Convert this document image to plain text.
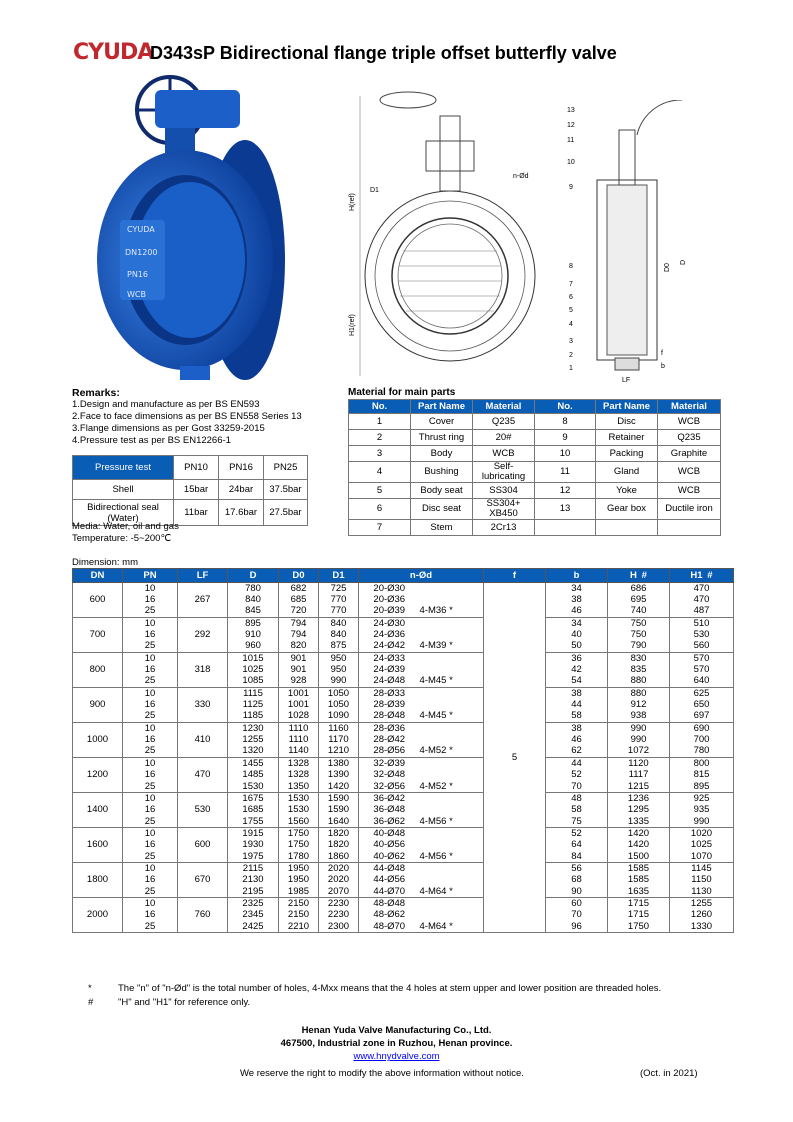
CYUDA
D343sP Bidirectional flange triple offset butterfly valve
CYUDA
DN1200
PN16
WCB
H(ref)
H1(ref)
D1
n-Ød
13
12
11
10
9
8
7
6
5
4
3
2
1
D0
D
LF
b
f
Remarks:
1.Design and manufacture as per BS EN593
2.Face to face dimensions as per BS EN558 Series 13
3.Flange dimensions as per Gost 33259-2015
4.Pressure test as per BS EN12266-1
Pressure test	PN10	PN16	PN25
Shell	15bar	24bar	37.5bar
Bidirectional seal (Water)	11bar	17.6bar	27.5bar
Media: Water, oil and gas
Temperature: -5~200℃
Material for main parts
No.	Part Name	Material	No.	Part Name	Material
1	Cover	Q235	8	Disc	WCB
2	Thrust ring	20#	9	Retainer	Q235
3	Body	WCB	10	Packing	Graphite
4	Bushing	Self-lubricating	11	Gland	WCB
5	Body seat	SS304	12	Yoke	WCB
6	Disc seat	SS304+ XB450	13	Gear box	Ductile iron
7	Stem	2Cr13			
Dimension: mm
DN	PN	LF	D	D0	D1	n-Ød		f	b	H #	H1 #
600	10	267	780	682	725	20-Ø30		5	34	686	470
	16		840	685	770	20-Ø36			38	695	470
	25		845	720	770	20-Ø39	4-M36 *		46	740	487
700	10	292	895	794	840	24-Ø30			34	750	510
	16		910	794	840	24-Ø36			40	750	530
	25		960	820	875	24-Ø42	4-M39 *		50	790	560
800	10	318	1015	901	950	24-Ø33			36	830	570
	16		1025	901	950	24-Ø39			42	835	570
	25		1085	928	990	24-Ø48	4-M45 *		54	880	640
900	10	330	1115	1001	1050	28-Ø33			38	880	625
	16		1125	1001	1050	28-Ø39			44	912	650
	25		1185	1028	1090	28-Ø48	4-M45 *		58	938	697
1000	10	410	1230	1110	1160	28-Ø36			38	990	690
	16		1255	1110	1170	28-Ø42			46	990	700
	25		1320	1140	1210	28-Ø56	4-M52 *		62	1072	780
1200	10	470	1455	1328	1380	32-Ø39			44	1120	800
	16		1485	1328	1390	32-Ø48			52	1117	815
	25		1530	1350	1420	32-Ø56	4-M52 *		70	1215	895
1400	10	530	1675	1530	1590	36-Ø42			48	1236	925
	16		1685	1530	1590	36-Ø48			58	1295	935
	25		1755	1560	1640	36-Ø62	4-M56 *		75	1335	990
1600	10	600	1915	1750	1820	40-Ø48			52	1420	1020
	16		1930	1750	1820	40-Ø56			64	1420	1025
	25		1975	1780	1860	40-Ø62	4-M56 *		84	1500	1070
1800	10	670	2115	1950	2020	44-Ø48			56	1585	1145
	16		2130	1950	2020	44-Ø56			68	1585	1150
	25		2195	1985	2070	44-Ø70	4-M64 *		90	1635	1130
2000	10	760	2325	2150	2230	48-Ø48			60	1715	1255
	16		2345	2150	2230	48-Ø62			70	1715	1260
	25		2425	2210	2300	48-Ø70	4-M64 *		96	1750	1330
*	The "n" of "n-Ød" is the total number of holes, 4-Mxx means that the 4 holes at stem upper and lower position are threaded holes.
#	"H" and "H1" for reference only.
Henan Yuda Valve Manufacturing Co., Ltd.
467500, Industrial zone in Ruzhou, Henan province.
www.hnydvalve.com
We reserve the right to modify the above information without notice.	(Oct. in 2021)
